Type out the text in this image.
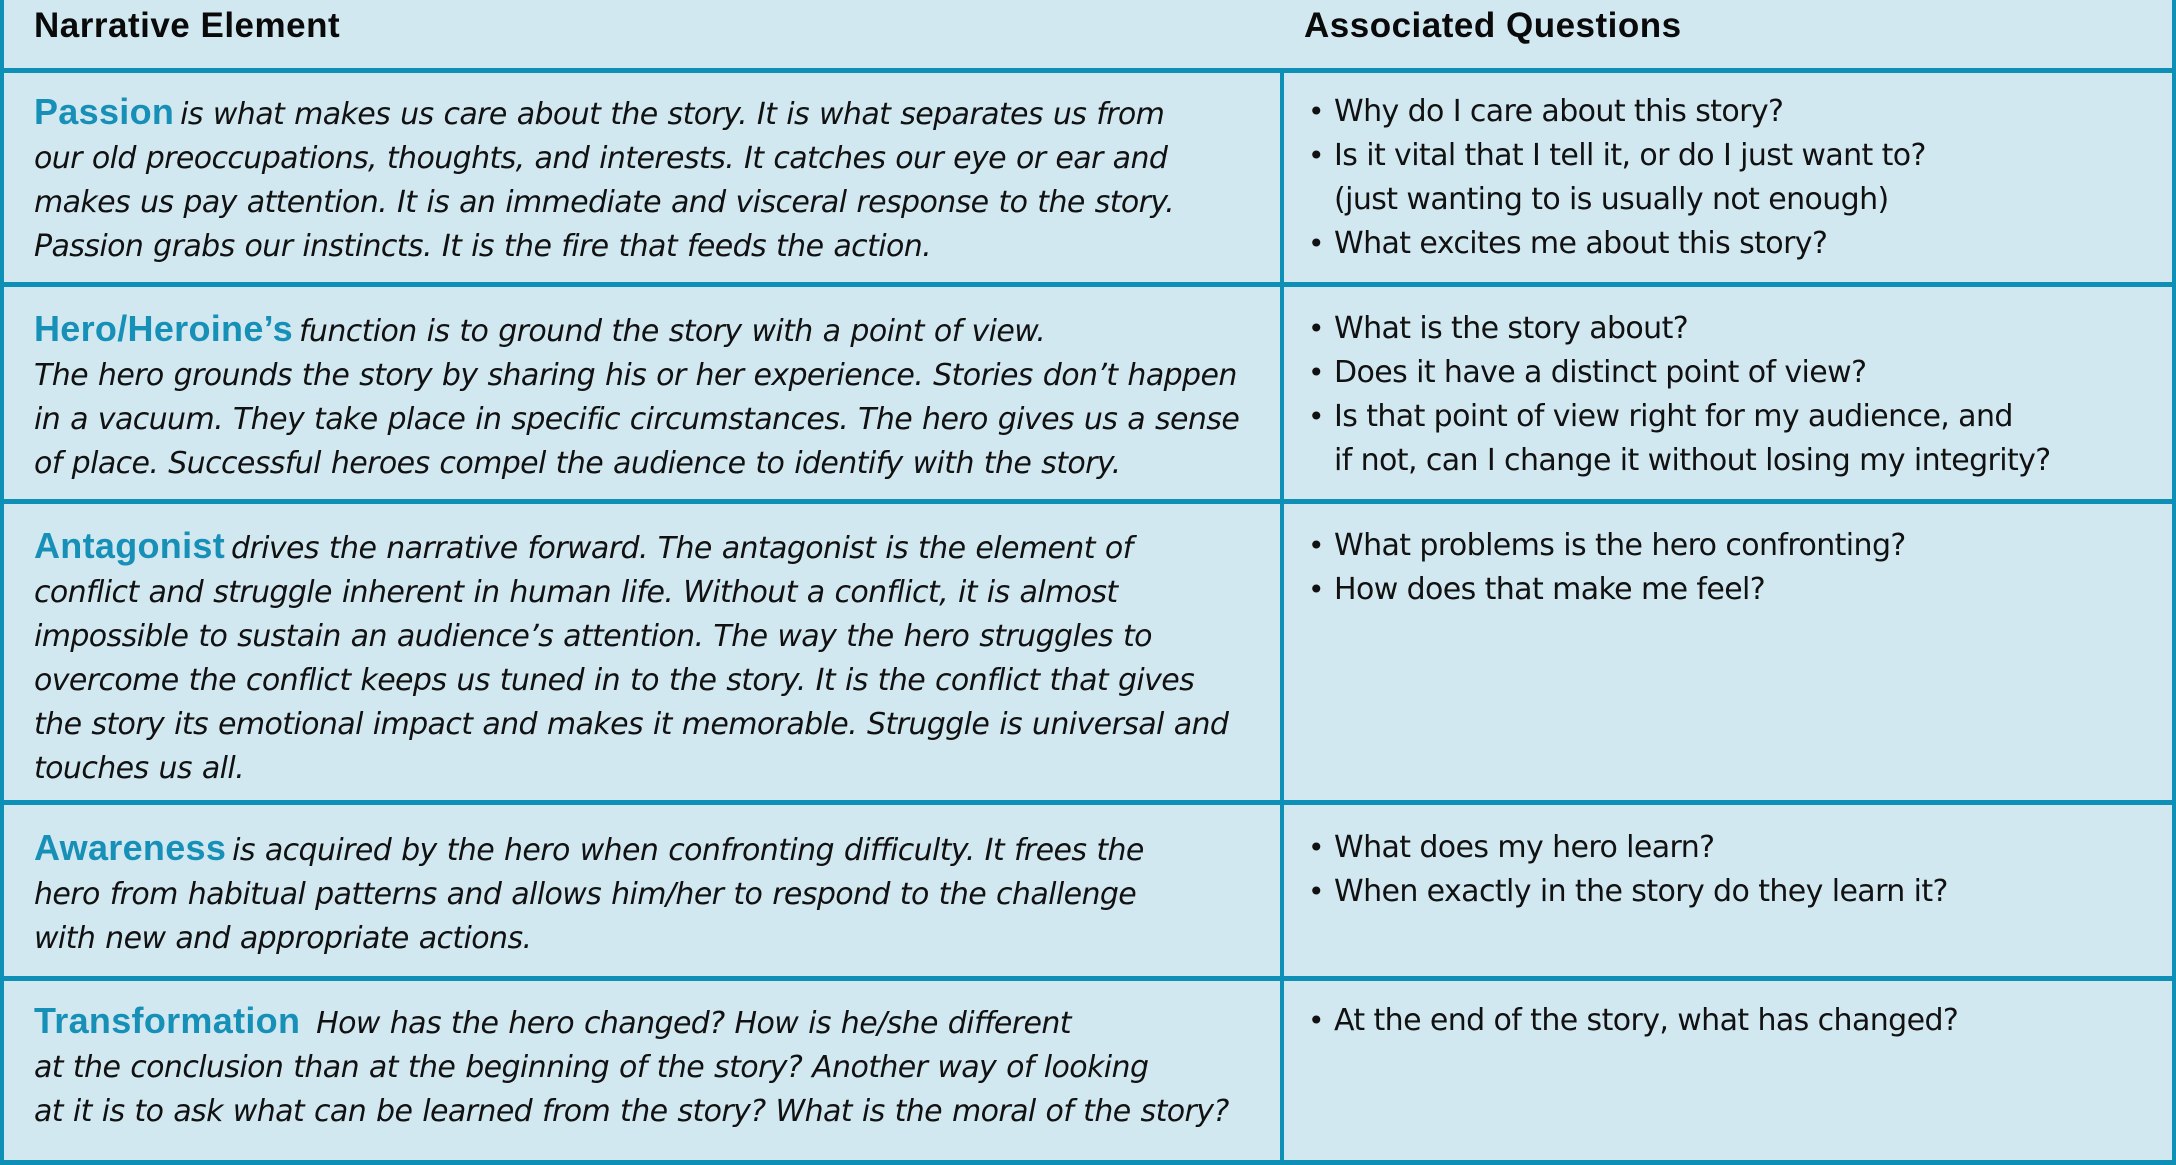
Narrative Element	Associated Questions
Passion is what makes us care about the story. It is what separates us from
our old preoccupations, thoughts, and interests. It catches our eye or ear and
makes us pay attention. It is an immediate and visceral response to the story.
Passion grabs our instincts. It is the fire that feeds the action.
• Why do I care about this story?
• Is it vital that I tell it, or do I just want to?
(just wanting to is usually not enough)
• What excites me about this story?
Hero/Heroine’s function is to ground the story with a point of view.
The hero grounds the story by sharing his or her experience. Stories don’t happen
in a vacuum. They take place in specific circumstances. The hero gives us a sense
of place. Successful heroes compel the audience to identify with the story.
• What is the story about?
• Does it have a distinct point of view?
• Is that point of view right for my audience, and
if not, can I change it without losing my integrity?
Antagonist drives the narrative forward. The antagonist is the element of
conflict and struggle inherent in human life. Without a conflict, it is almost
impossible to sustain an audience’s attention. The way the hero struggles to
overcome the conflict keeps us tuned in to the story. It is the conflict that gives
the story its emotional impact and makes it memorable. Struggle is universal and
touches us all.
• What problems is the hero confronting?
• How does that make me feel?
Awareness is acquired by the hero when confronting difficulty. It frees the
hero from habitual patterns and allows him/her to respond to the challenge
with new and appropriate actions.
• What does my hero learn?
• When exactly in the story do they learn it?
Transformation How has the hero changed? How is he/she different
at the conclusion than at the beginning of the story? Another way of looking
at it is to ask what can be learned from the story? What is the moral of the story?
• At the end of the story, what has changed?
